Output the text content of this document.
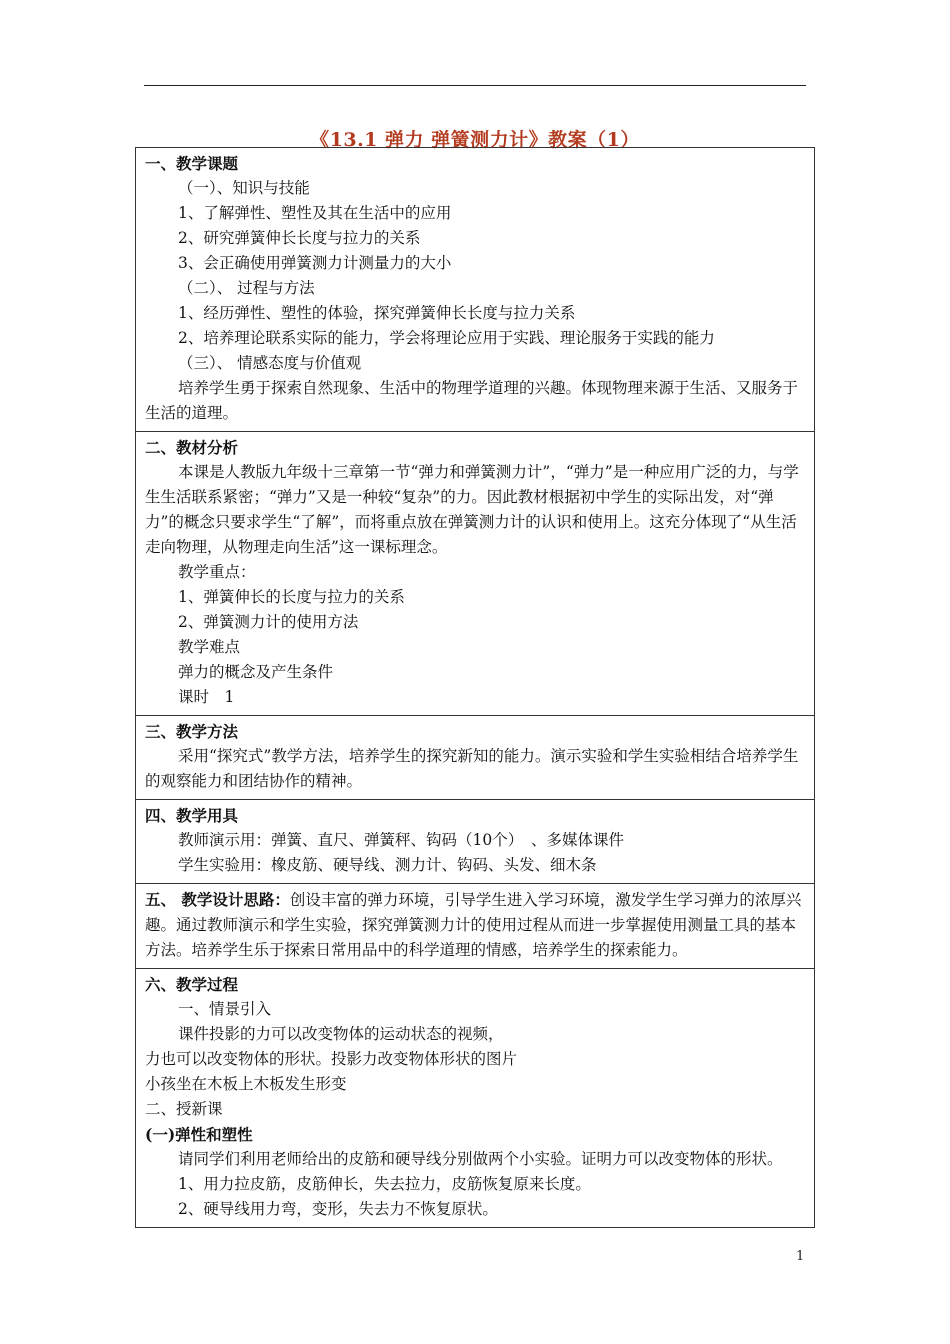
《13.1 弹力 弹簧测力计》教案（1）
一、教学课题
（一）、知识与技能
1、了解弹性、塑性及其在生活中的应用
2、研究弹簧伸长长度与拉力的关系
3、会正确使用弹簧测力计测量力的大小
（二）、 过程与方法
1、经历弹性、塑性的体验，探究弹簧伸长长度与拉力关系
2、培养理论联系实际的能力，学会将理论应用于实践、理论服务于实践的能力
（三）、 情感态度与价值观
培养学生勇于探索自然现象、生活中的物理学道理的兴趣。体现物理来源于生活、又服务于生活的道理。

二、教材分析
本课是人教版九年级十三章第一节“弹力和弹簧测力计”，“弹力”是一种应用广泛的力，与学生生活联系紧密；“弹力”又是一种较“复杂”的力。因此教材根据初中学生的实际出发，对“弹力”的概念只要求学生“了解”，而将重点放在弹簧测力计的认识和使用上。这充分体现了“从生活走向物理，从物理走向生活”这一课标理念。
教学重点：
1、弹簧伸长的长度与拉力的关系
2、弹簧测力计的使用方法
教学难点
弹力的概念及产生条件
课时　1

三、教学方法
采用“探究式”教学方法，培养学生的探究新知的能力。演示实验和学生实验相结合培养学生的观察能力和团结协作的精神。

四、教学用具
教师演示用：弹簧、直尺、弹簧秤、钩码（10个）　、多媒体课件
学生实验用：橡皮筋、硬导线、测力计、钩码、头发、细木条

五、 教学设计思路：创设丰富的弹力环境，引导学生进入学习环境，激发学生学习弹力的浓厚兴趣。通过教师演示和学生实验，探究弹簧测力计的使用过程从而进一步掌握使用测量工具的基本方法。培养学生乐于探索日常用品中的科学道理的情感，培养学生的探索能力。

六、教学过程
一、情景引入
课件投影的力可以改变物体的运动状态的视频，
力也可以改变物体的形状。投影力改变物体形状的图片
小孩坐在木板上木板发生形变
二、授新课
(一)弹性和塑性
请同学们利用老师给出的皮筋和硬导线分别做两个小实验。证明力可以改变物体的形状。
1、用力拉皮筋，皮筋伸长，失去拉力，皮筋恢复原来长度。
2、硬导线用力弯，变形，失去力不恢复原状。
1
